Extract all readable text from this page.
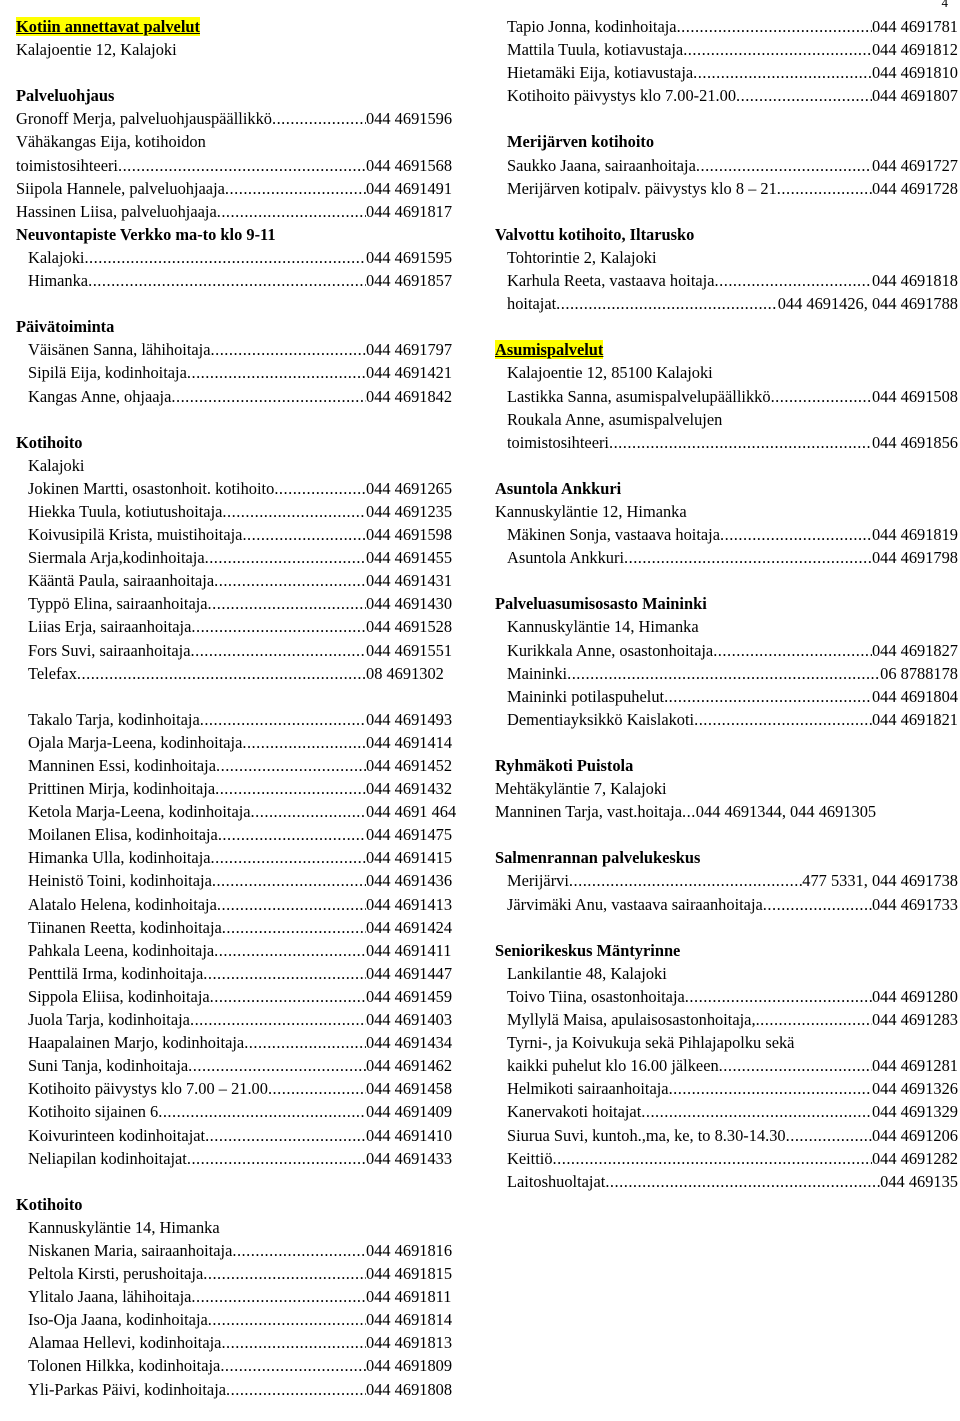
4
Kotiin annettavat palvelut
Kalajoentie 12, Kalajoki
Palveluohjaus
Gronoff Merja, palveluohjauspäällikkö .....	044 4691596
Vähäkangas Eija, kotihoidon
toimistosihteeri .....	044 4691568
Siipola Hannele, palveluohjaaja .....	044 4691491
Hassinen Liisa, palveluohjaaja .....	044 4691817
Neuvontapiste Verkko ma-to klo 9-11
Kalajoki .....	044 4691595
Himanka .....	044 4691857
Päivätoiminta
Väisänen Sanna, lähihoitaja .....	044 4691797
Sipilä Eija, kodinhoitaja .....	044 4691421
Kangas Anne, ohjaaja .....	044 4691842
Kotihoito
Kalajoki
Jokinen Martti, osastonhoit. kotihoito .....	044 4691265
Hiekka Tuula, kotiutushoitaja .....	044 4691235
Koivusipilä Krista, muistihoitaja .....	044 4691598
Siermala Arja,kodinhoitaja .....	044 4691455
Kääntä Paula, sairaanhoitaja .....	044 4691431
Typpö Elina, sairaanhoitaja .....	044 4691430
Liias Erja, sairaanhoitaja .....	044 4691528
Fors Suvi, sairaanhoitaja .....	044 4691551
Telefax .....	08 4691302
Takalo Tarja, kodinhoitaja .....	044 4691493
Ojala Marja-Leena, kodinhoitaja .....	044 4691414
Manninen Essi, kodinhoitaja .....	044 4691452
Prittinen Mirja, kodinhoitaja .....	044 4691432
Ketola Marja-Leena, kodinhoitaja .....	044 4691 464
Moilanen Elisa, kodinhoitaja .....	044 4691475
Himanka Ulla, kodinhoitaja .....	044 4691415
Heinistö Toini, kodinhoitaja .....	044 4691436
Alatalo Helena, kodinhoitaja .....	044 4691413
Tiinanen Reetta, kodinhoitaja .....	044 4691424
Pahkala Leena, kodinhoitaja .....	044 4691411
Penttilä Irma, kodinhoitaja .....	044 4691447
Sippola Eliisa, kodinhoitaja .....	044 4691459
Juola Tarja, kodinhoitaja .....	044 4691403
Haapalainen Marjo, kodinhoitaja .....	044 4691434
Suni Tanja, kodinhoitaja .....	044 4691462
Kotihoito päivystys klo 7.00 – 21.00 .....	044 4691458
Kotihoito sijainen 6 .....	044 4691409
Koivurinteen kodinhoitajat .....	044 4691410
Neliapilan kodinhoitajat .....	044 4691433
Kotihoito
Kannuskyläntie 14, Himanka
Niskanen Maria, sairaanhoitaja .....	044 4691816
Peltola Kirsti, perushoitaja .....	044 4691815
Ylitalo Jaana, lähihoitaja .....	044 4691811
Iso-Oja Jaana, kodinhoitaja .....	044 4691814
Alamaa Hellevi, kodinhoitaja .....	044 4691813
Tolonen Hilkka, kodinhoitaja .....	044 4691809
Yli-Parkas Päivi, kodinhoitaja .....	044 4691808
Tapio Jonna, kodinhoitaja .....	044 4691781
Mattila Tuula, kotiavustaja .....	044 4691812
Hietamäki Eija, kotiavustaja .....	044 4691810
Kotihoito päivystys klo 7.00-21.00 .....	044 4691807
Merijärven kotihoito
Saukko Jaana, sairaanhoitaja .....	044 4691727
Merijärven kotipalv. päivystys klo 8 – 21 .....	044 4691728
Valvottu kotihoito, Iltarusko
Tohtorintie 2, Kalajoki
Karhula Reeta, vastaava hoitaja .....	044 4691818
hoitajat .....	044 4691426, 044 4691788
Asumispalvelut
Kalajoentie 12, 85100 Kalajoki
Lastikka Sanna, asumispalvelupäällikkö .....	044 4691508
Roukala Anne, asumispalvelujen
toimistosihteeri .....	044 4691856
Asuntola Ankkuri
Kannuskyläntie 12, Himanka
Mäkinen Sonja, vastaava hoitaja .....	044 4691819
Asuntola Ankkuri .....	044 4691798
Palveluasumisosasto Maininki
Kannuskyläntie 14, Himanka
Kurikkala Anne, osastonhoitaja .....	044 4691827
Maininki .....	06 8788178
Maininki potilaspuhelut .....	044 4691804
Dementiayksikkö Kaislakoti .....	044 4691821
Ryhmäkoti Puistola
Mehtäkyläntie 7, Kalajoki
Manninen Tarja, vast.hoitaja ... 044 4691344, 044 4691305
Salmenrannan palvelukeskus
Merijärvi .....	477 5331, 044 4691738
Järvimäki Anu, vastaava sairaanhoitaja .....	044 4691733
Seniorikeskus Mäntyrinne
Lankilantie 48, Kalajoki
Toivo Tiina, osastonhoitaja .....	044 4691280
Myllylä Maisa, apulaisosastonhoitaja, .....	044 4691283
Tyrni-, ja Koivukuja sekä Pihlajapolku sekä
kaikki puhelut klo 16.00 jälkeen .....	044 4691281
Helmikoti sairaanhoitaja .....	044 4691326
Kanervakoti hoitajat .....	044 4691329
Siurua Suvi, kuntoh.,ma, ke, to 8.30-14.30 .....	044 4691206
Keittiö .....	044 4691282
Laitoshuoltajat .....	044 469135
